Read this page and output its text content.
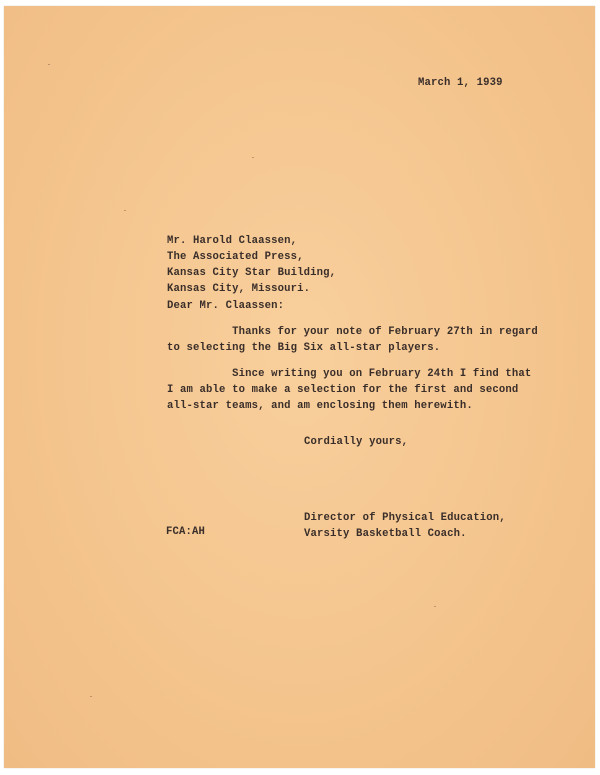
March 1, 1939

Mr. Harold Claassen,

The Associated Press,

Kansas City Star Building,

Kansas City, Missouri.

Dear Mr. Claassen:

Thanks for your note of February 27th in regard

to selecting the Big Six all-star players.

Since writing you on February 24th I find that

I am able to make a selection for the first and second

all-star teams, and am enclosing them herewith.

Cordially yours,

Director of Physical Education,

Varsity Basketball Coach.

FCA:AH
